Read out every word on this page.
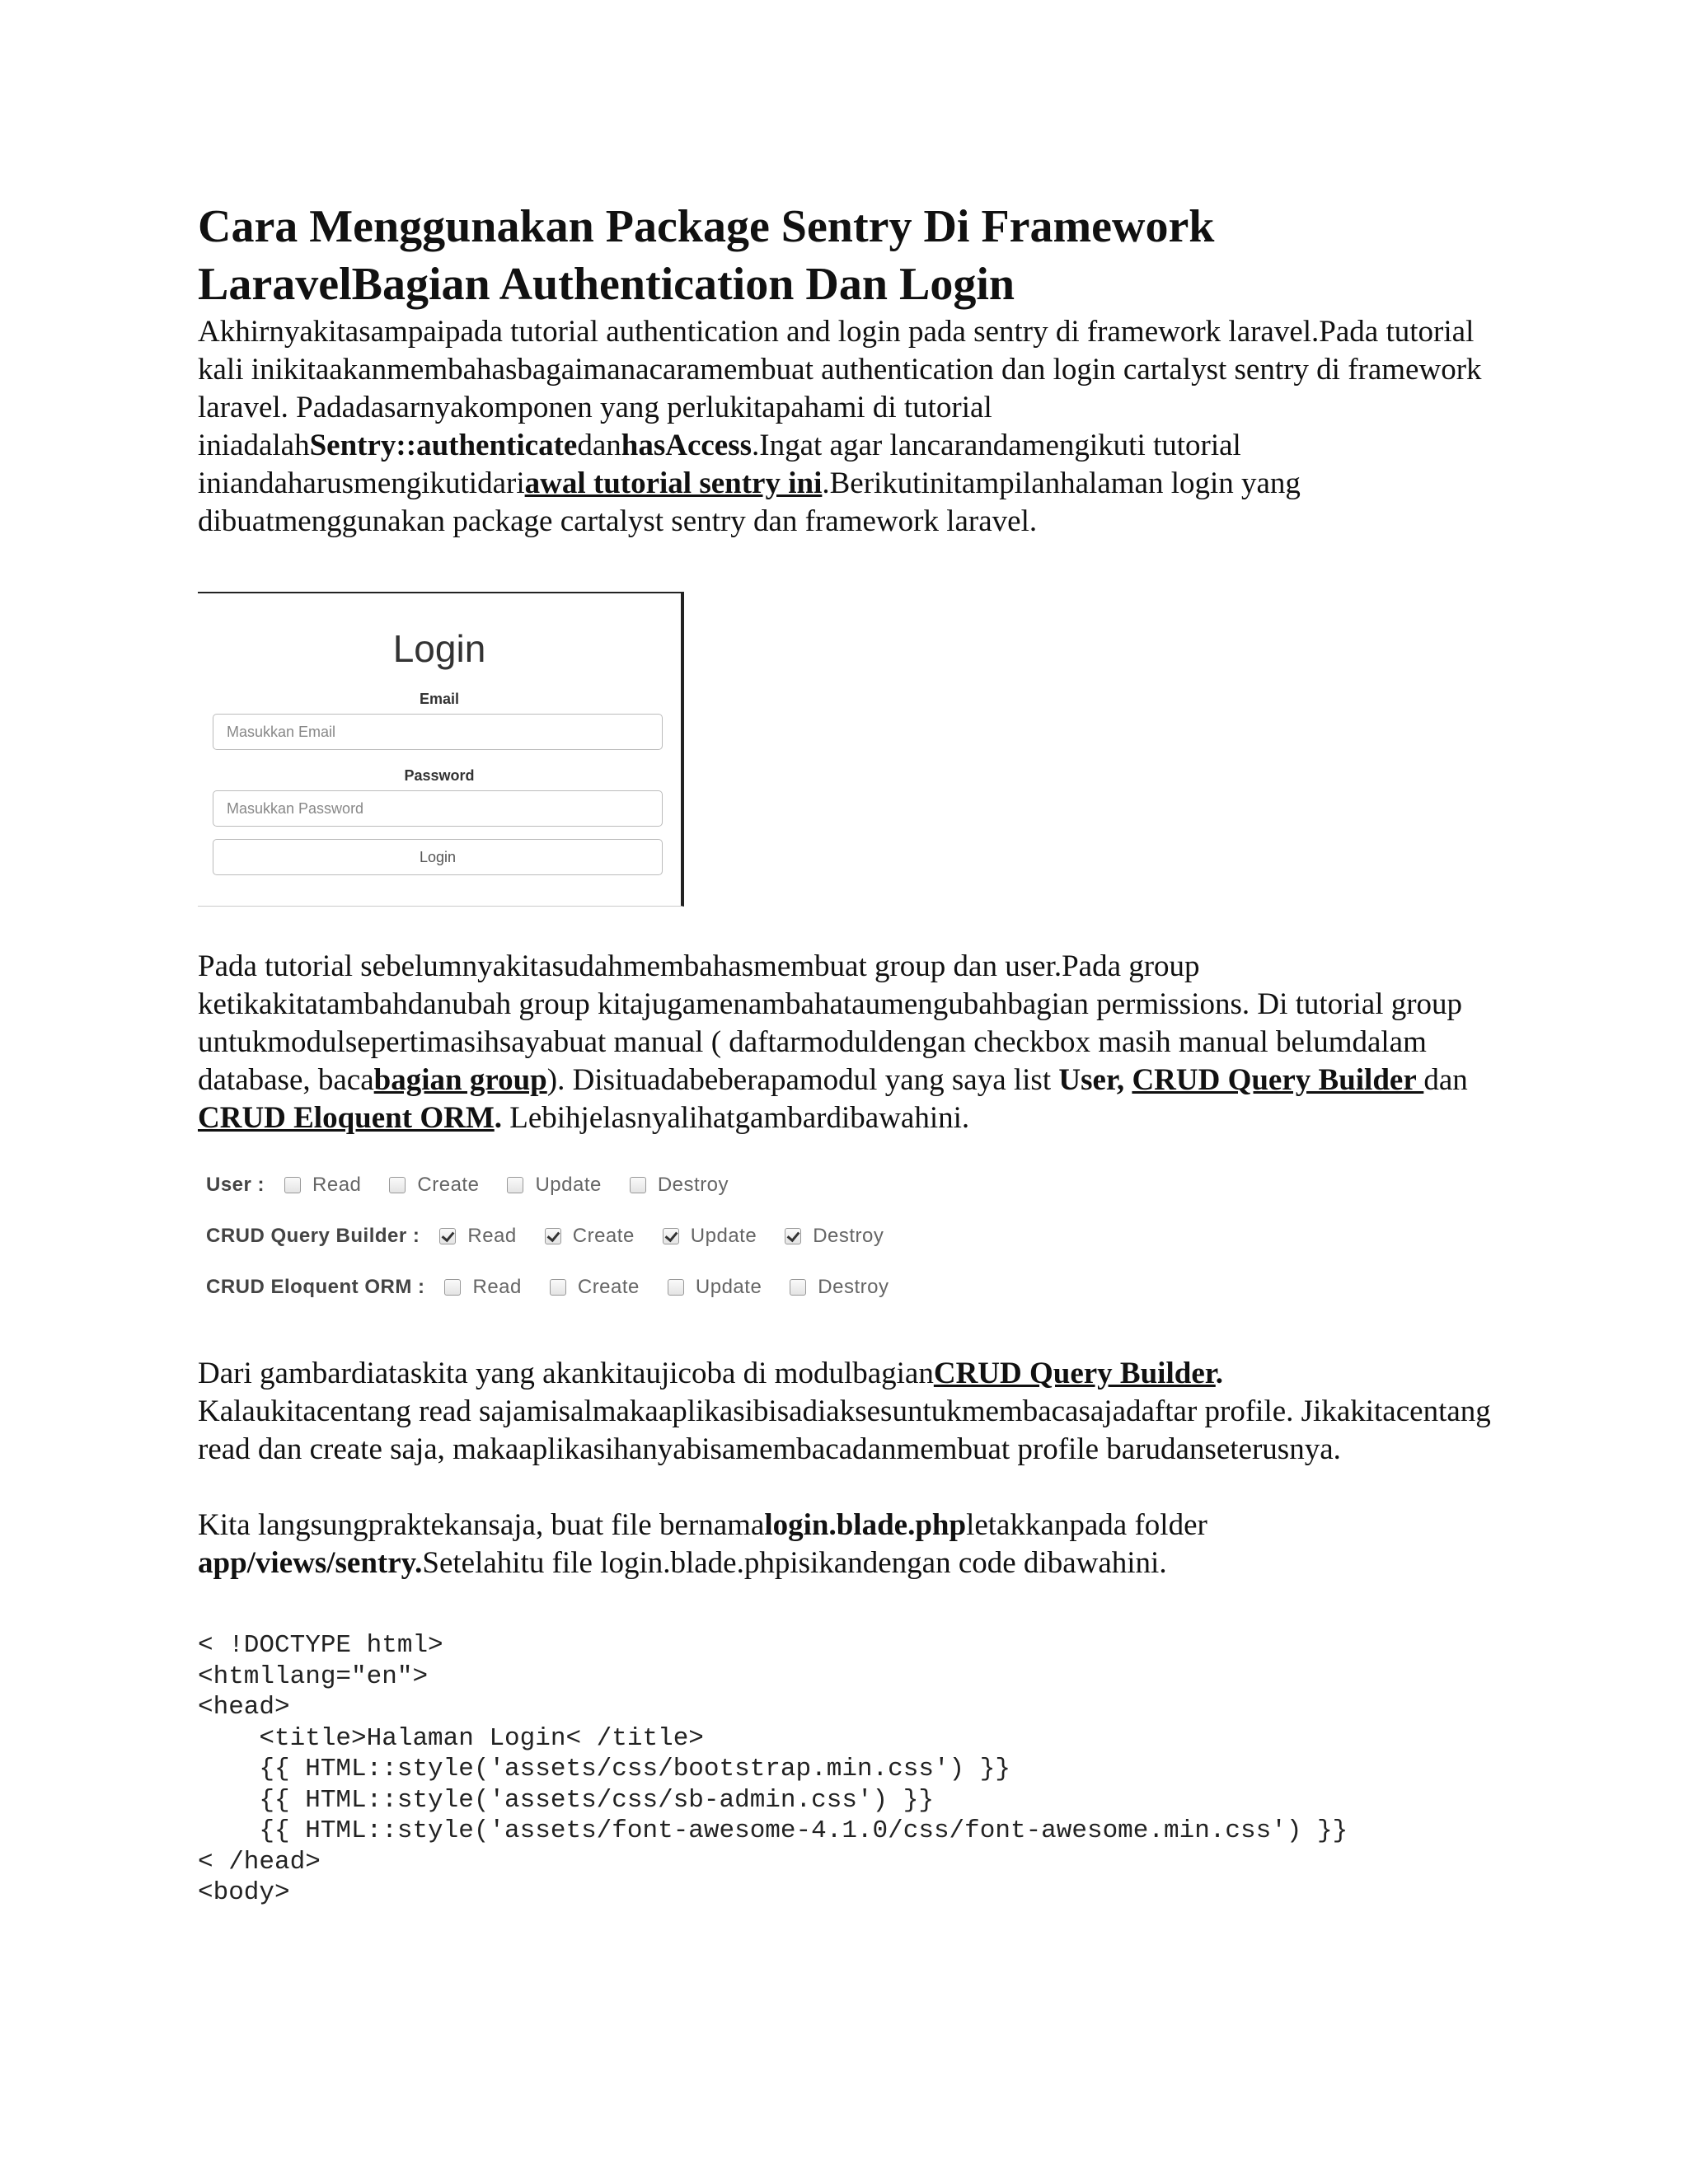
Cara Menggunakan Package Sentry Di Framework
LaravelBagian Authentication Dan Login

Akhirnyakitasampaipada tutorial authentication and login pada sentry di framework laravel.Pada tutorial kali inikitaakanmembahasbagaimanacaramembuat authentication dan login cartalyst sentry di framework laravel. Padadasarnyakomponen yang perlukitapahami di tutorial iniadalahSentry::authenticatedanhasAccess.Ingat agar lancarandamengikuti tutorial iniandaharusmengikutidariawal tutorial sentry ini.Berikutinitampilanhalaman login yang dibuatmenggunakan package cartalyst sentry dan framework laravel.

Login
Email
Masukkan Email
Password
Login

Pada tutorial sebelumnyakitasudahmembahasmembuat group dan user.Pada group ketikakitatambahdanubah group kitajugamenambahataumengubahbagian permissions. Di tutorial group untukmodulsepertimasihsayabuat manual ( daftarmoduldengan checkbox masih manual belumdalam database, bacabagian group). Disituadabeberapamodul yang saya list User, CRUD Query Builder dan CRUD Eloquent ORM. Lebihjelasnyalihatgambardibawahini.

User : Read	Create	Update	Destroy
CRUD Query Builder : Read	Create	Update	Destroy
CRUD Eloquent ORM : Read	Create	Update	Destroy

Dari gambardiataskita yang akankitaujicoba di modulbagianCRUD Query Builder.
Kalaukitacentang read sajamisalmakaaplikasibisadiaksesuntukmembacasajadaftar profile. Jikakitacentang read dan create saja, makaaplikasihanyabisamembacadanmembuat profile barudanseterusnya.

Kita langsungpraktekansaja, buat file bernamalogin.blade.phpletakkanpada folder
app/views/sentry.Setelahitu file login.blade.phpisikandengan code dibawahini.

< !DOCTYPE html>
<htmllang="en">
<head>
<title>Halaman Login< /title>
{{ HTML::style('assets/css/bootstrap.min.css') }}
{{ HTML::style('assets/css/sb-admin.css') }}
{{ HTML::style('assets/font-awesome-4.1.0/css/font-awesome.min.css') }}
< /head>
<body>
